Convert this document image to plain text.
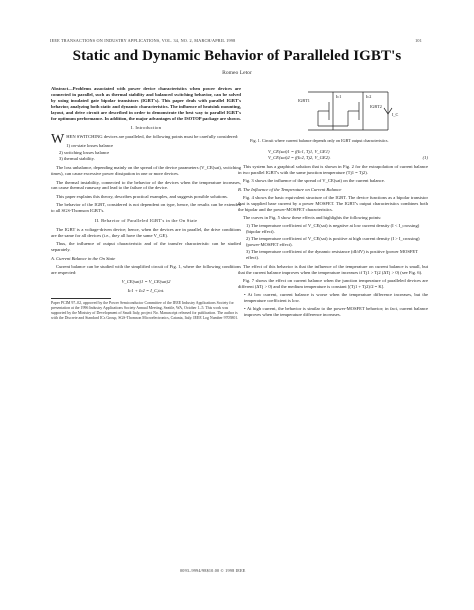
IEEE TRANSACTIONS ON INDUSTRY APPLICATIONS, VOL. 34, NO. 2, MARCH/APRIL 1998	101
Static and Dynamic Behavior of Paralleled IGBT's
Romeo Letor
Abstract—Problems associated with power device characteristics when power devices are connected in parallel, such as thermal stability and balanced switching behavior, can be solved by using insulated gate bipolar transistors (IGBT's). This paper deals with parallel IGBT's behavior, analyzing both static and dynamic characteristics. The influence of heatsink mounting, layout, and drive circuit are described in order to demonstrate the best way to parallel IGBT's for optimum performance. In addition, the major advantages of the ISOTOP package are shown.
I. Introduction

WHEN SWITCHING devices are paralleled, the following points must be carefully considered:

1) on-state losses balance
2) switching losses balance
3) thermal stability.

The loss unbalance, depending mainly on the spread of the device parameters (V_CE(sat), switching times), can cause excessive power dissipation in one or more devices.

The thermal instability, connected to the behavior of the devices when the temperature increases, can cause thermal runaway and lead to the failure of the device.

This paper explains this theory, describes practical examples, and suggests possible solutions.

The behavior of the IGBT, considered is not dependent on type, hence, the results can be extended to all SGS-Thomson IGBT's.

II. Behavior of Paralleled IGBT's in the On State

The IGBT is a voltage-driven device; hence, when the devices are in parallel, the drive conditions are the same for all devices (i.e., they all have the same V_GE).

Thus, the influence of output characteristic and of the transfer characteristic can be studied separately.

A. Current Balance in the On State

Current balance can be studied with the simplified circuit of Fig. 1, where the following conditions are respected:

V_CE(sat)1 = V_CE(sat)2
Ic1 + Ic2 = I_C,tot.
Paper PCIM 97–02, approved by the Power Semiconductor Committee of the IEEE Industry Applications Society for presentation at the 1996 Industry Applications Society Annual Meeting, Seattle, WA, October 1–5. This work was supported by the Ministry of Development of Saudi Italy, project No. Manuscript released for publication. The author is with the Discrete and Standard ICs Group, SGS-Thomson Microelectronics, Catania, Italy. IEEE Log Number 9705801.
IGBT1
IGBT2
Ic1	Ic2
I_C
Fig. 1. Circuit where current balance depends only on IGBT output characteristics.
V_CE(sat)1 = f(Ic1, Tj1, V_GE1)
V_CE(sat)2 = f(Ic2, Tj2, V_GE2).	(1)

This system has a graphical solution that is shown in Fig. 2 for the extrapolation of current balance in two parallel IGBT's with the same junction temperature (Tj1 = Tj2).

Fig. 3 shows the influence of the spread of V_CE(sat) on the current balance.

B. The Influence of the Temperature on Current Balance

Fig. 4 shows the basic equivalent structure of the IGBT. The device functions as a bipolar transistor that is supplied base current by a power MOSFET. The IGBT's output characteristics combines both the bipolar and the power-MOSFET characteristics.

The curves in Fig. 5 show these effects and highlights the following points:

1) The temperature coefficient of V_CE(sat) is negative at low current density (I < I_crossing) (bipolar effect).
2) The temperature coefficient of V_CE(sat) is positive at high current density (I > I_crossing) (power-MOSFET effect).
3) The temperature coefficient of the dynamic resistance (dI/dV) is positive (power MOSFET effect).

The effect of this behavior is that the influence of the temperature on current balance is small, but that the current balance improves when the temperature increases if Tj1 > Tj2 (ΔTj > 0) (see Fig. 6).

Fig. 7 shows the effect on current balance when the junction temperature of paralleled devices are different (ΔTj > 0) and the medium temperature is constant [(Tj1 + Tj2)/2 = K].

• At low current, current balance is worse when the temperature difference increases, but the temperature coefficient is low.
• At high current, the behavior is similar to the power-MOSFET behavior; in fact, current balance improves when the temperature difference increases.
0093–9994/98$10.00 © 1998 IEEE
